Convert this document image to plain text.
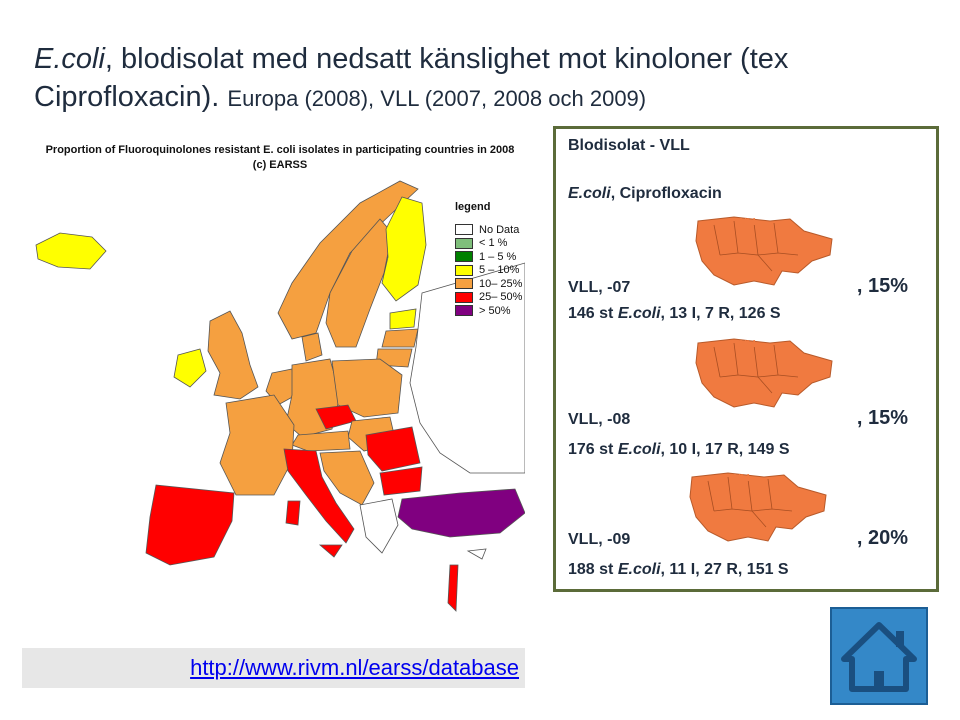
E.coli, blodisolat med nedsatt känslighet mot kinoloner (tex
Ciprofloxacin). Europa (2008), VLL (2007, 2008 och 2009)
Proportion of Fluoroquinolones resistant E. coli isolates in participating countries in 2008
(c) EARSS
legend
No Data
< 1 %
1 – 5 %
5 – 10%
10– 25%
25– 50%
> 50%
http://www.rivm.nl/earss/database
Blodisolat - VLL
E.coli, Ciprofloxacin
VLL
VLL, -07	, 15%
146 st E.coli, 13 I, 7 R, 126 S
VLL
VLL, -08	, 15%
176 st E.coli, 10 I, 17 R, 149 S
VLL
VLL, -09	, 20%
188 st E.coli, 11 I, 27 R, 151 S
